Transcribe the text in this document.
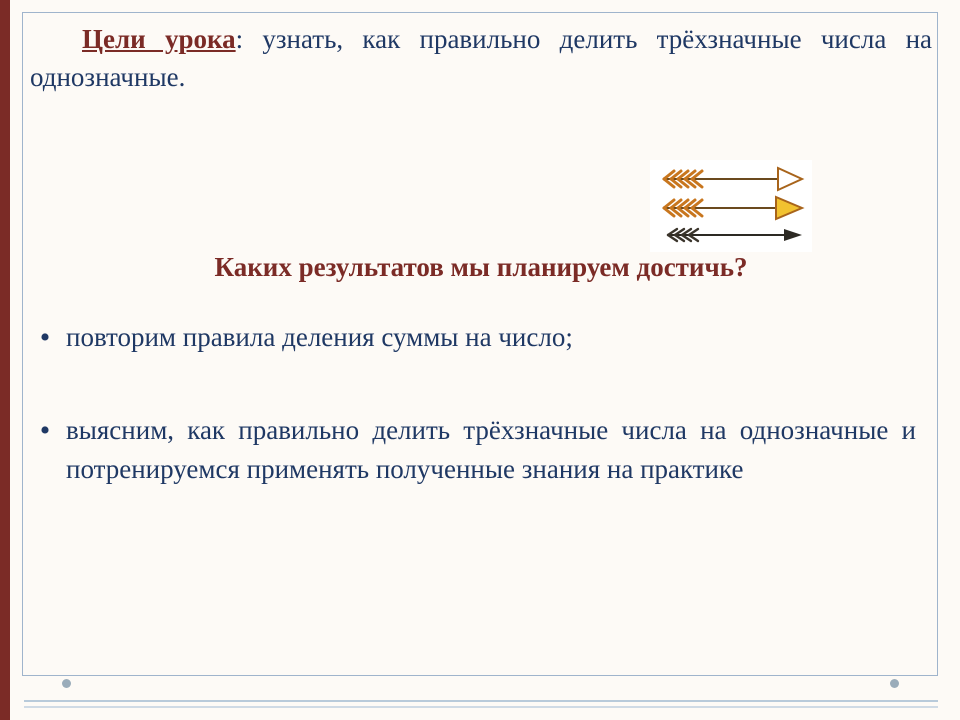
Цели урока: узнать, как правильно делить трёхзначные числа на однозначные.
Каких результатов мы планируем достичь?
• повторим правила деления суммы на число;
• выясним, как правильно делить трёхзначные числа на однозначные и потренируемся применять полученные знания на практике
